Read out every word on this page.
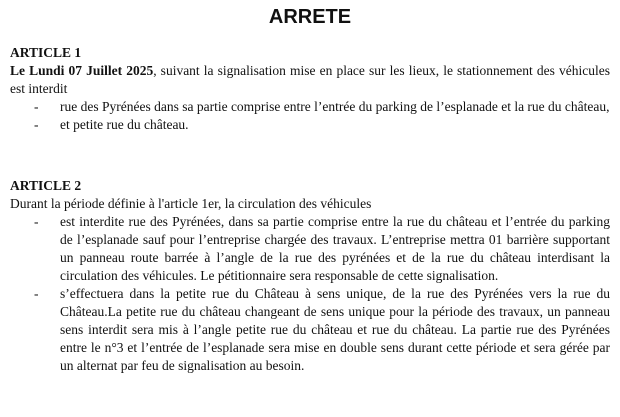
ARRETE
ARTICLE 1

Le Lundi 07 Juillet 2025, suivant la signalisation mise en place sur les lieux, le stationnement des véhicules est interdit

- rue des Pyrénées dans sa partie comprise entre l’entrée du parking de l’esplanade et la rue du château,
- et petite rue du château.
ARTICLE 2

Durant la période définie à l'article 1er, la circulation des véhicules

- est interdite rue des Pyrénées, dans sa partie comprise entre la rue du château et l’entrée du parking de l’esplanade sauf pour l’entreprise chargée des travaux. L’entreprise mettra 01 barrière supportant un panneau route barrée à l’angle de la rue des pyrénées et de la rue du château interdisant la circulation des véhicules. Le pétitionnaire sera responsable de cette signalisation.
- s’effectuera dans la petite rue du Château à sens unique, de la rue des Pyrénées vers la rue du Château.La petite rue du château changeant de sens unique pour la période des travaux, un panneau sens interdit sera mis à l’angle petite rue du château et rue du château. La partie rue des Pyrénées entre le n°3 et l’entrée de l’esplanade sera mise en double sens durant cette période et sera gérée par un alternat par feu de signalisation au besoin.
